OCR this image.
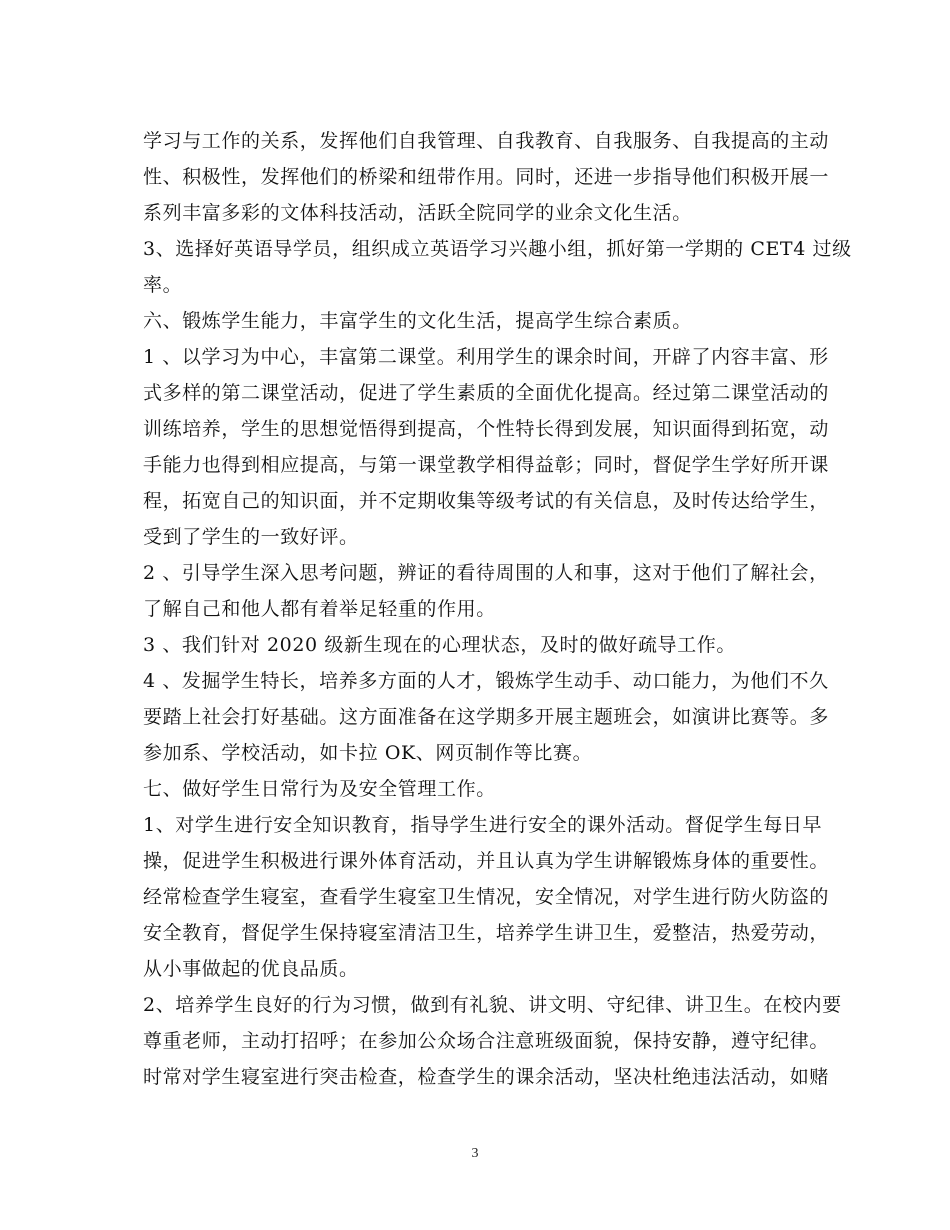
学习与工作的关系，发挥他们自我管理、自我教育、自我服务、自我提高的主动
性、积极性，发挥他们的桥梁和纽带作用。同时，还进一步指导他们积极开展一
系列丰富多彩的文体科技活动，活跃全院同学的业余文化生活。
3、选择好英语导学员，组织成立英语学习兴趣小组，抓好第一学期的 CET4 过级
率。
六、锻炼学生能力，丰富学生的文化生活，提高学生综合素质。
1 、以学习为中心，丰富第二课堂。利用学生的课余时间，开辟了内容丰富、形
式多样的第二课堂活动，促进了学生素质的全面优化提高。经过第二课堂活动的
训练培养，学生的思想觉悟得到提高，个性特长得到发展，知识面得到拓宽，动
手能力也得到相应提高，与第一课堂教学相得益彰；同时，督促学生学好所开课
程，拓宽自己的知识面，并不定期收集等级考试的有关信息，及时传达给学生，
受到了学生的一致好评。
2 、引导学生深入思考问题，辨证的看待周围的人和事，这对于他们了解社会，
了解自己和他人都有着举足轻重的作用。
3 、我们针对 2020 级新生现在的心理状态，及时的做好疏导工作。
4 、发掘学生特长，培养多方面的人才，锻炼学生动手、动口能力，为他们不久
要踏上社会打好基础。这方面准备在这学期多开展主题班会，如演讲比赛等。多
参加系、学校活动，如卡拉 OK、网页制作等比赛。
七、做好学生日常行为及安全管理工作。
1、对学生进行安全知识教育，指导学生进行安全的课外活动。督促学生每日早
操，促进学生积极进行课外体育活动，并且认真为学生讲解锻炼身体的重要性。
经常检查学生寝室，查看学生寝室卫生情况，安全情况，对学生进行防火防盗的
安全教育，督促学生保持寝室清洁卫生，培养学生讲卫生，爱整洁，热爱劳动，
从小事做起的优良品质。
2、培养学生良好的行为习惯，做到有礼貌、讲文明、守纪律、讲卫生。在校内要
尊重老师，主动打招呼；在参加公众场合注意班级面貌，保持安静，遵守纪律。
时常对学生寝室进行突击检查，检查学生的课余活动，坚决杜绝违法活动，如赌
3
